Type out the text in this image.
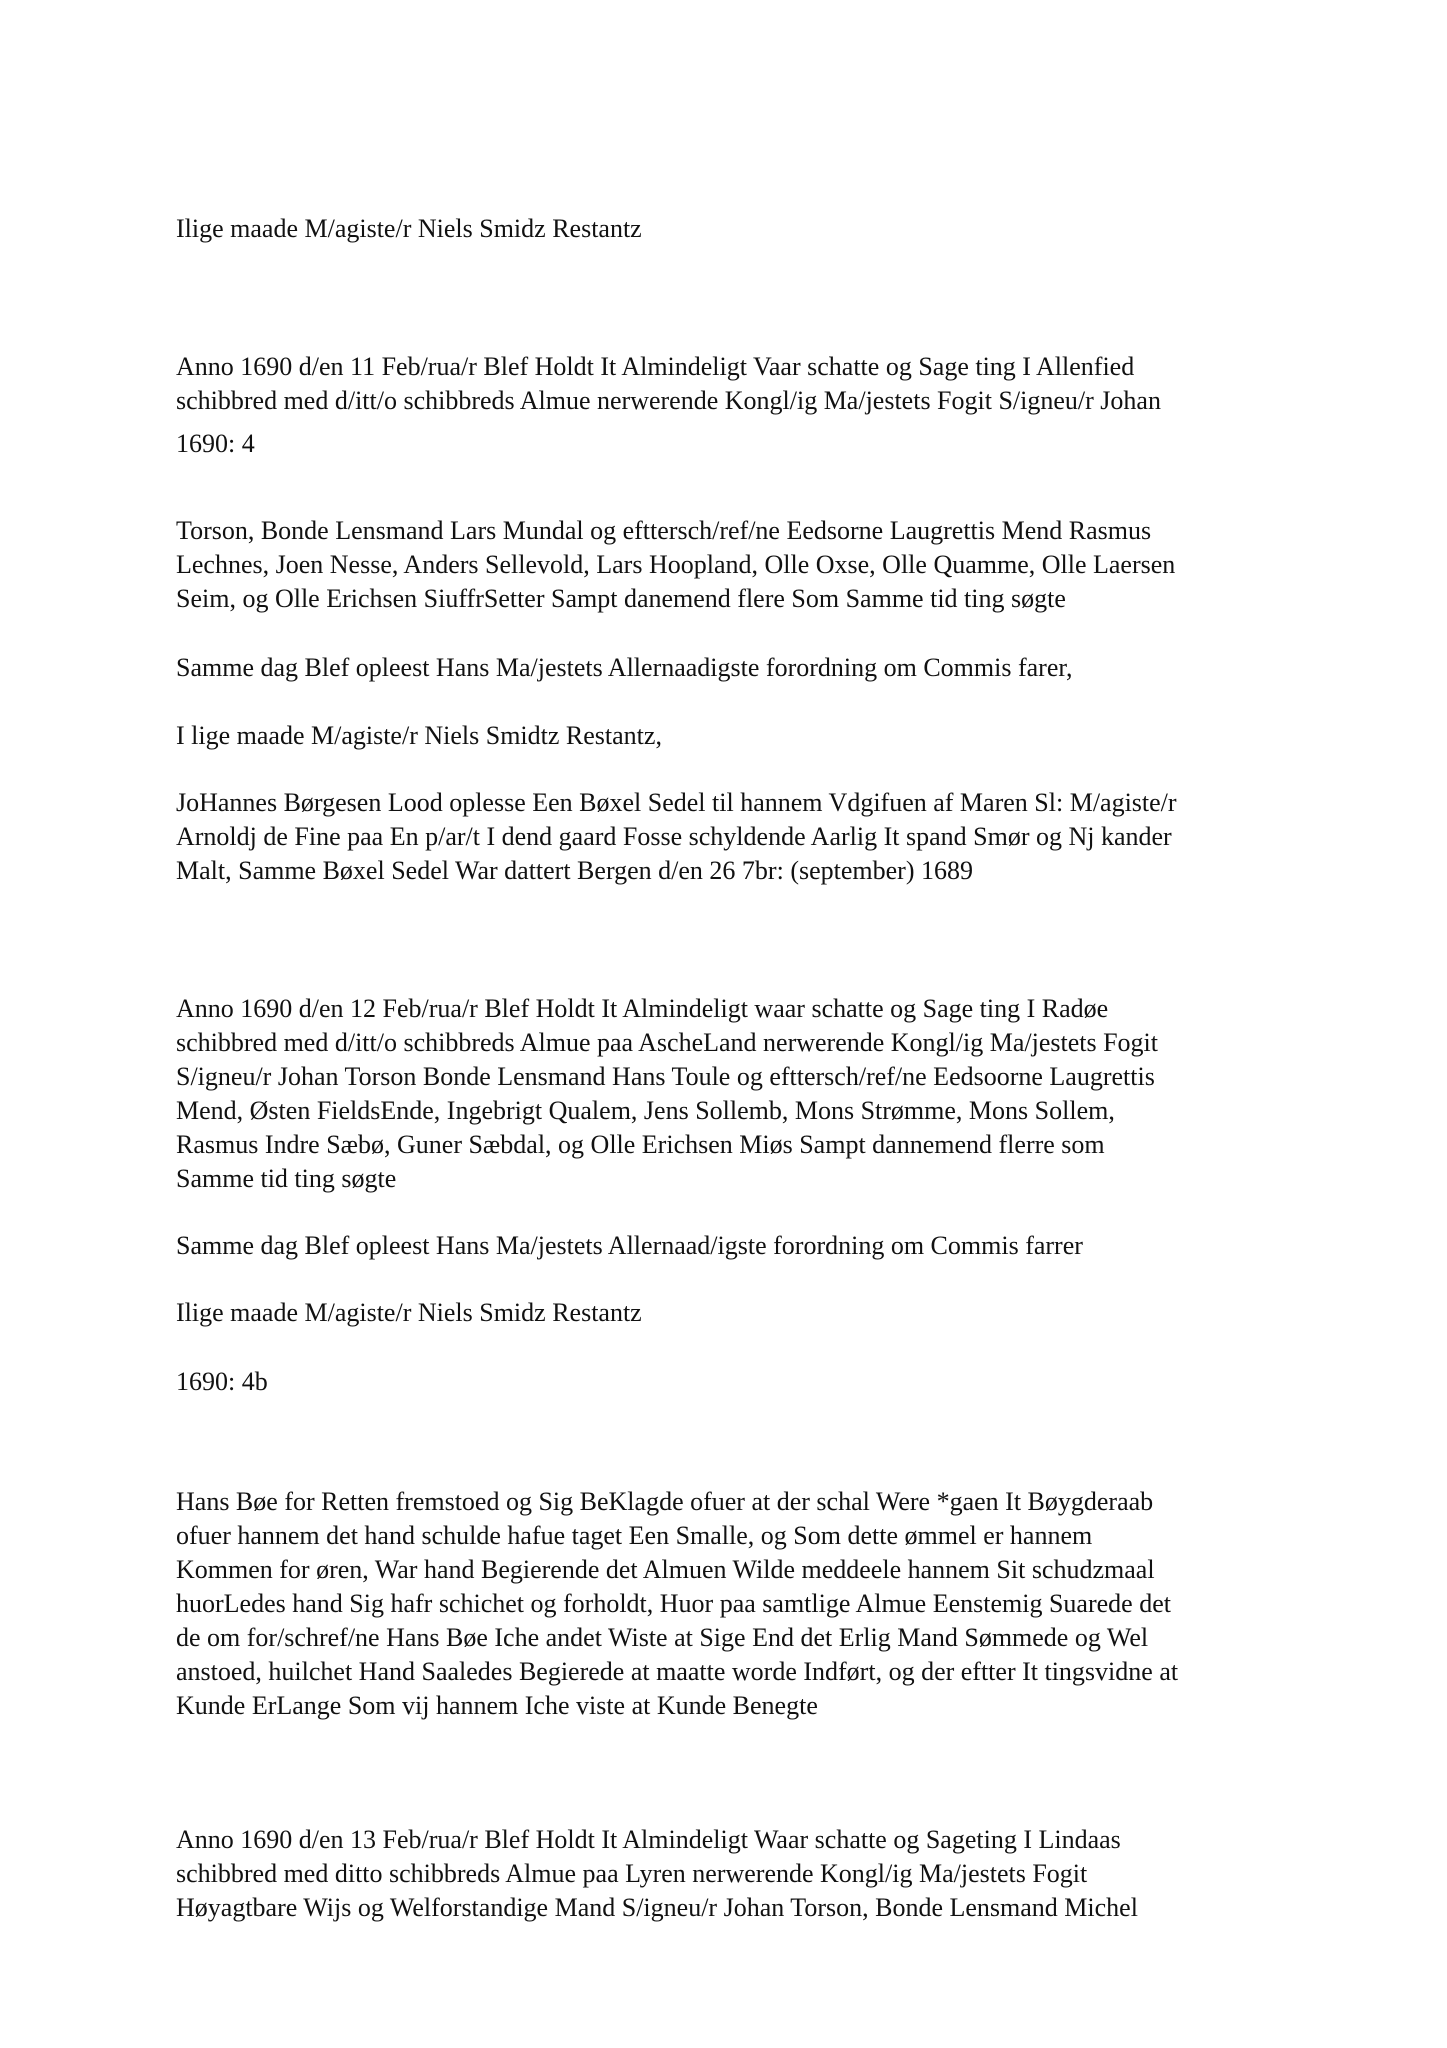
Ilige maade M/agiste/r Niels Smidz Restantz

Anno 1690 d/en 11 Feb/rua/r Blef Holdt It Almindeligt Vaar schatte og Sage ting I Allenfied
schibbred med d/itt/o schibbreds Almue nerwerende Kongl/ig Ma/jestets Fogit S/igneu/r Johan

1690: 4

Torson, Bonde Lensmand Lars Mundal og efttersch/ref/ne Eedsorne Laugrettis Mend Rasmus
Lechnes, Joen Nesse, Anders Sellevold, Lars Hoopland, Olle Oxse, Olle Quamme, Olle Laersen
Seim, og Olle Erichsen SiuffrSetter Sampt danemend flere Som Samme tid ting søgte

Samme dag Blef opleest Hans Ma/jestets Allernaadigste forordning om Commis farer,

I lige maade M/agiste/r Niels Smidtz Restantz,

JoHannes Børgesen Lood oplesse Een Bøxel Sedel til hannem Vdgifuen af Maren Sl: M/agiste/r
Arnoldj de Fine paa En p/ar/t I dend gaard Fosse schyldende Aarlig It spand Smør og Nj kander
Malt, Samme Bøxel Sedel War dattert Bergen d/en 26 7br: (september) 1689

Anno 1690 d/en 12 Feb/rua/r Blef Holdt It Almindeligt waar schatte og Sage ting I Radøe
schibbred med d/itt/o schibbreds Almue paa AscheLand nerwerende Kongl/ig Ma/jestets Fogit
S/igneu/r Johan Torson Bonde Lensmand Hans Toule og efttersch/ref/ne Eedsoorne Laugrettis
Mend, Østen FieldsEnde, Ingebrigt Qualem, Jens Sollemb, Mons Strømme, Mons Sollem,
Rasmus Indre Sæbø, Guner Sæbdal, og Olle Erichsen Miøs Sampt dannemend flerre som
Samme tid ting søgte

Samme dag Blef opleest Hans Ma/jestets Allernaad/igste forordning om Commis farrer

Ilige maade M/agiste/r Niels Smidz Restantz

1690: 4b

Hans Bøe for Retten fremstoed og Sig BeKlagde ofuer at der schal Were *gaen It Bøygderaab
ofuer hannem det hand schulde hafue taget Een Smalle, og Som dette ømmel er hannem
Kommen for øren, War hand Begierende det Almuen Wilde meddeele hannem Sit schudzmaal
huorLedes hand Sig hafr schichet og forholdt, Huor paa samtlige Almue Eenstemig Suarede det
de om for/schref/ne Hans Bøe Iche andet Wiste at Sige End det Erlig Mand Sømmede og Wel
anstoed, huilchet Hand Saaledes Begierede at maatte worde Indført, og der eftter It tingsvidne at
Kunde ErLange Som vij hannem Iche viste at Kunde Benegte

Anno 1690 d/en 13 Feb/rua/r Blef Holdt It Almindeligt Waar schatte og Sageting I Lindaas
schibbred med ditto schibbreds Almue paa Lyren nerwerende Kongl/ig Ma/jestets Fogit
Høyagtbare Wijs og Welforstandige Mand S/igneu/r Johan Torson, Bonde Lensmand Michel
